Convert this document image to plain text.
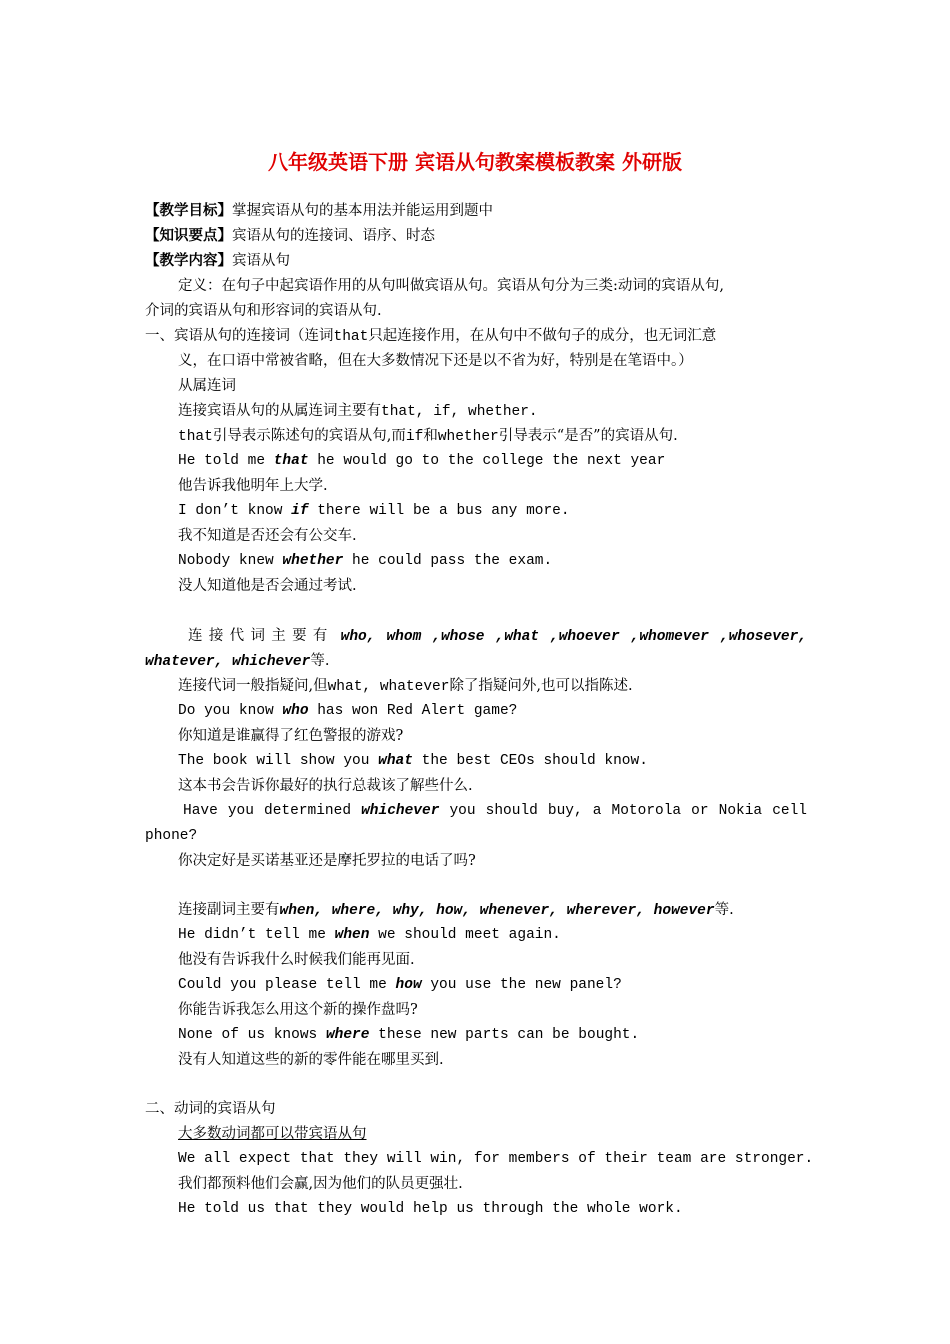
八年级英语下册 宾语从句教案模板教案 外研版
【教学目标】掌握宾语从句的基本用法并能运用到题中
【知识要点】宾语从句的连接词、语序、时态
【教学内容】宾语从句
定义：在句子中起宾语作用的从句叫做宾语从句。宾语从句分为三类:动词的宾语从句,
介词的宾语从句和形容词的宾语从句.
一、宾语从句的连接词（连词that只起连接作用，在从句中不做句子的成分，也无词汇意
义，在口语中常被省略，但在大多数情况下还是以不省为好，特别是在笔语中。）
从属连词
连接宾语从句的从属连词主要有that, if, whether.
that引导表示陈述句的宾语从句,而if和whether引导表示“是否”的宾语从句.
He told me that he would go to the college the next year
他告诉我他明年上大学.
I don’t know if there will be a bus any more.
我不知道是否还会有公交车.
Nobody knew whether he could pass the exam.
没人知道他是否会通过考试.
连接代词主要有 who, whom ,whose ,what ,whoever ,whomever ,whosever,
whatever, whichever等.
连接代词一般指疑问,但what, whatever除了指疑问外,也可以指陈述.
Do you know who has won Red Alert game?
你知道是谁赢得了红色警报的游戏?
The book will show you what the best CEOs should know.
这本书会告诉你最好的执行总裁该了解些什么.
Have you determined whichever you should buy, a Motorola or Nokia cell
phone?
你决定好是买诺基亚还是摩托罗拉的电话了吗?
连接副词主要有when, where, why, how, whenever, wherever, however等.
He didn’t tell me when we should meet again.
他没有告诉我什么时候我们能再见面.
Could you please tell me how you use the new panel?
你能告诉我怎么用这个新的操作盘吗?
None of us knows where these new parts can be bought.
没有人知道这些的新的零件能在哪里买到.
二、动词的宾语从句
大多数动词都可以带宾语从句
We all expect that they will win, for members of their team are stronger.
我们都预料他们会赢,因为他们的队员更强壮.
He told us that they would help us through the whole work.
